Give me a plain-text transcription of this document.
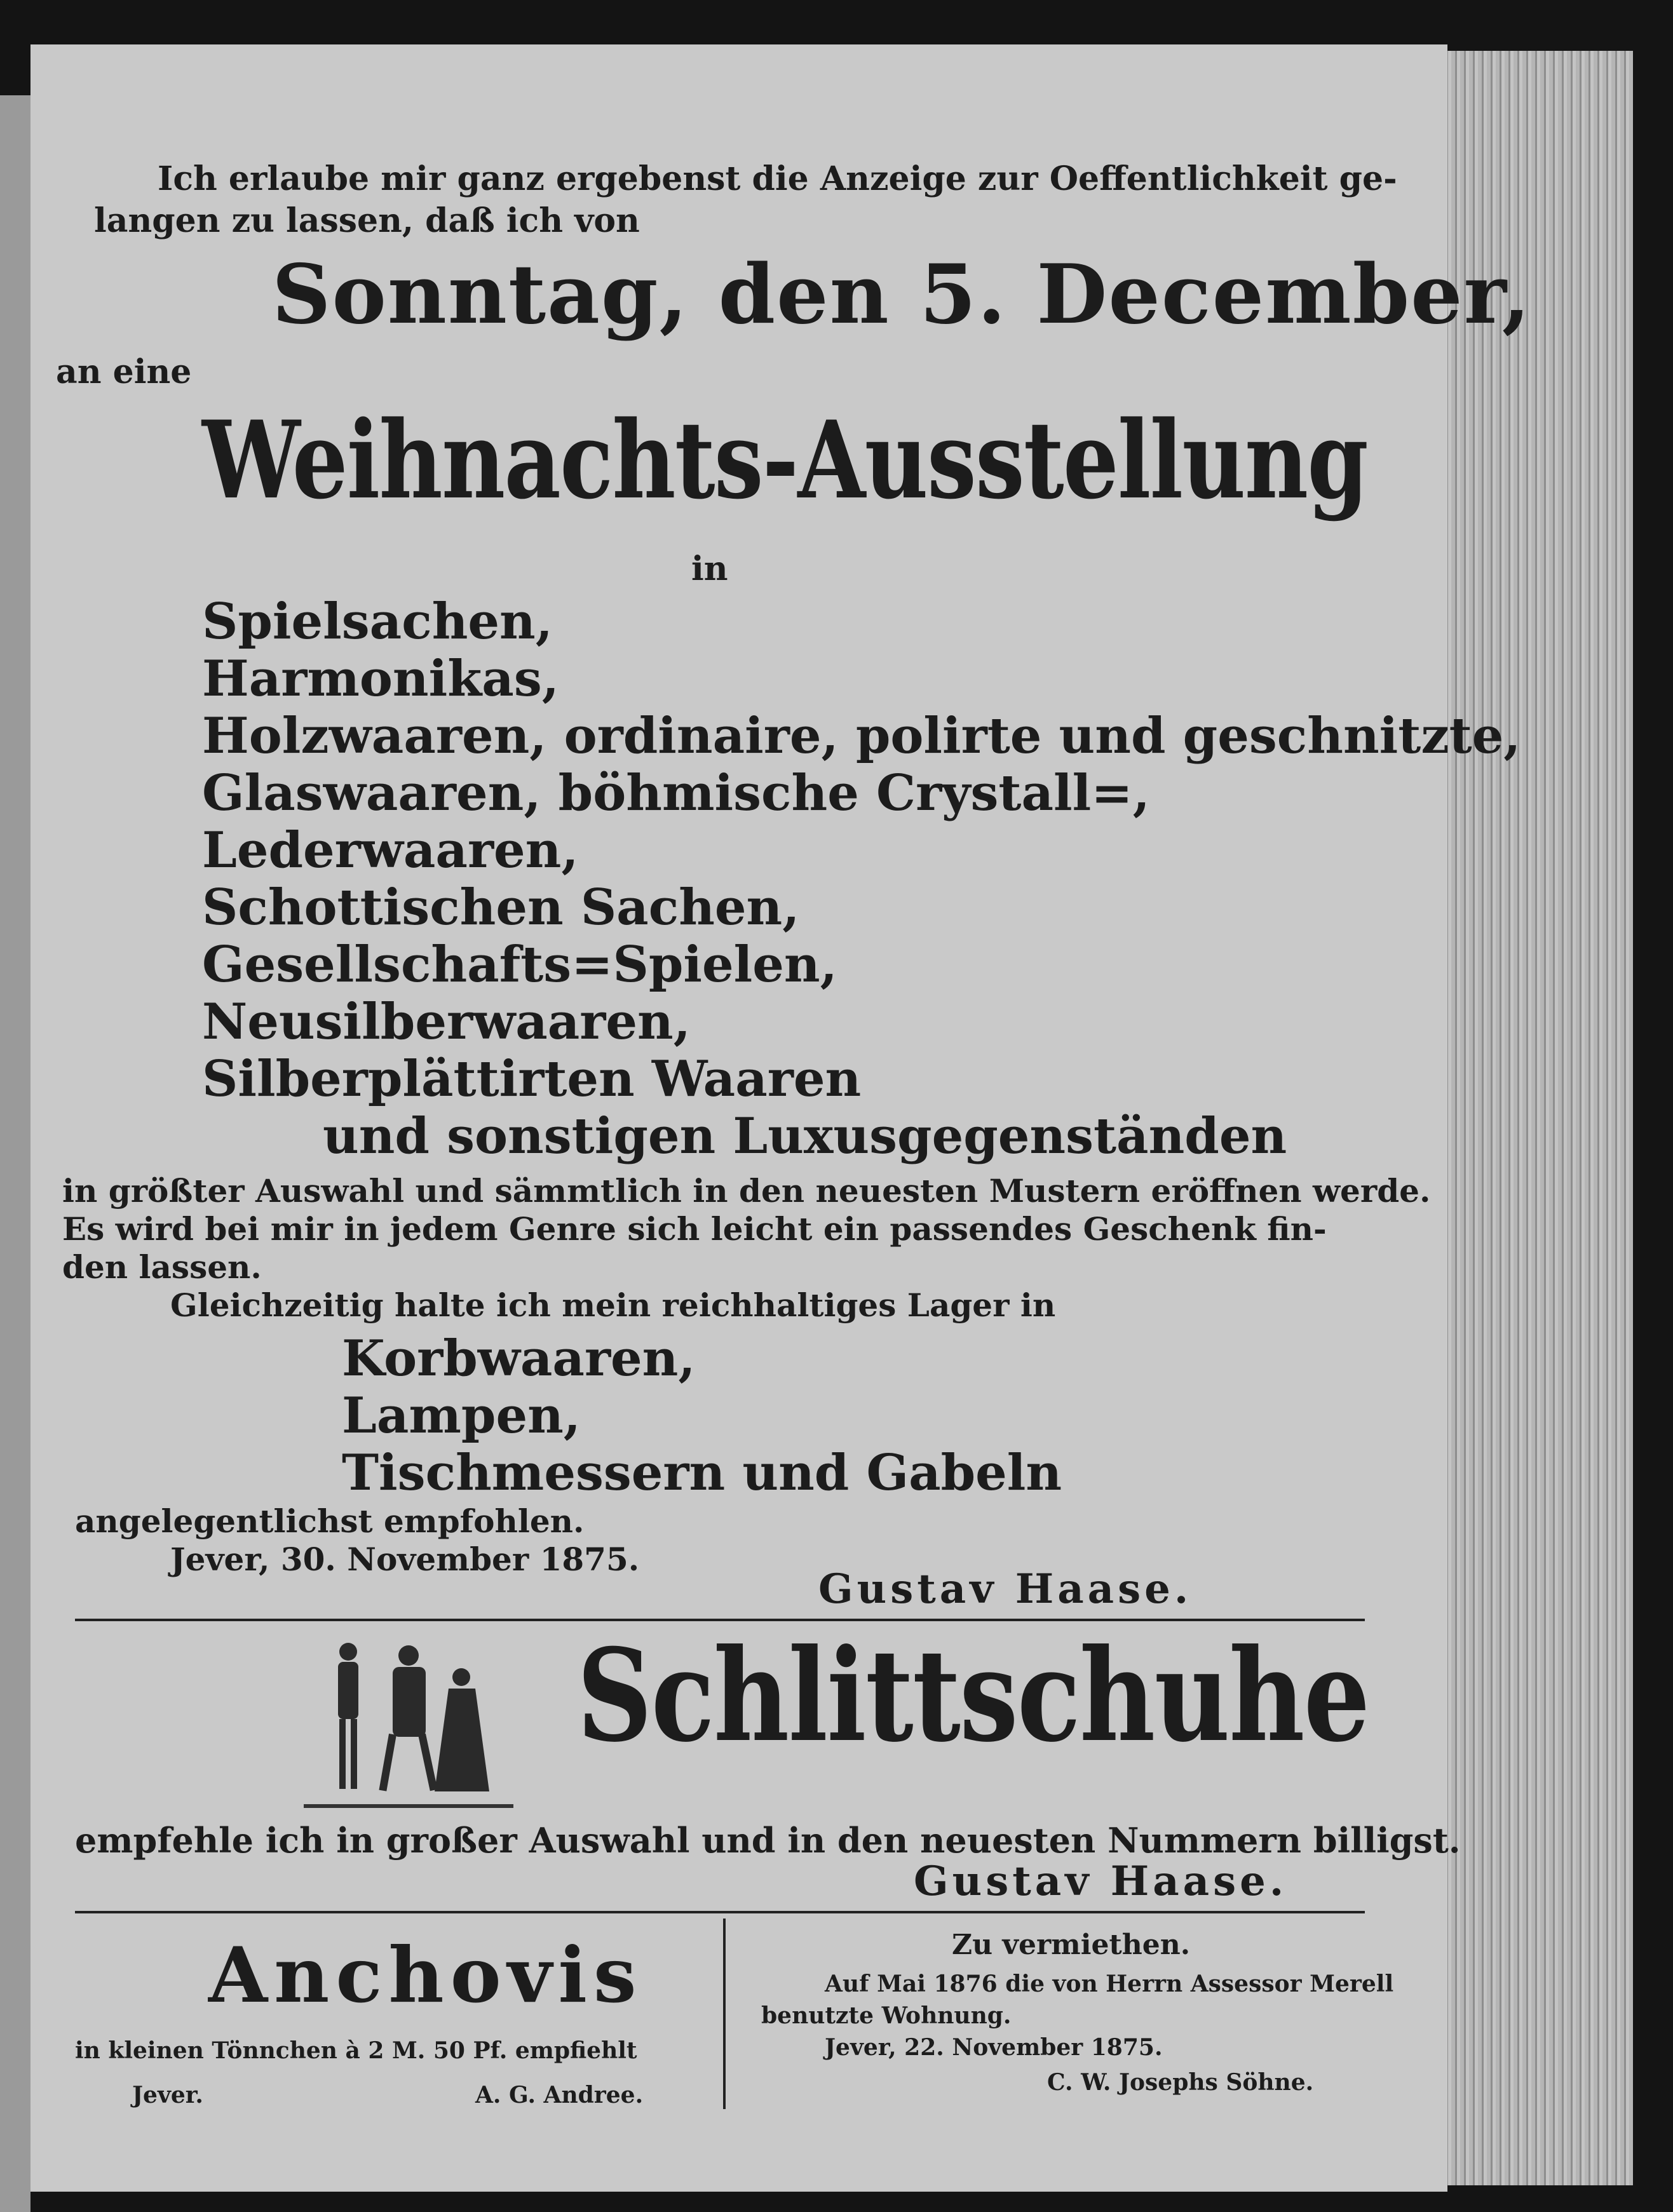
Ich erlaube mir ganz ergebenst die Anzeige zur Oeffentlichkeit ge-
langen zu lassen, daß ich von
Sonntag, den 5. December,
an eine
Weihnachts-Ausstellung
in
Spielsachen,
Harmonikas,
Holzwaaren, ordinaire, polirte und geschnitzte,
Glaswaaren, böhmische Crystall=,
Lederwaaren,
Schottischen Sachen,
Gesellschafts=Spielen,
Neusilberwaaren,
Silberplättirten Waaren
und sonstigen Luxusgegenständen
in größter Auswahl und sämmtlich in den neuesten Mustern eröffnen werde.
Es wird bei mir in jedem Genre sich leicht ein passendes Geschenk fin-
den lassen.
Gleichzeitig halte ich mein reichhaltiges Lager in
Korbwaaren,
Lampen,
Tischmessern und Gabeln
angelegentlichst empfohlen.
Jever, 30. November 1875.
Gustav Haase.
Schlittschuhe
empfehle ich in großer Auswahl und in den neuesten Nummern billigst.
Gustav Haase.
Anchovis
in kleinen Tönnchen à 2 M. 50 Pf. empfiehlt
Jever.	A. G. Andree.
Zu vermiethen.
Auf Mai 1876 die von Herrn Assessor Merell
benutzte Wohnung.
Jever, 22. November 1875.
C. W. Josephs Söhne.
